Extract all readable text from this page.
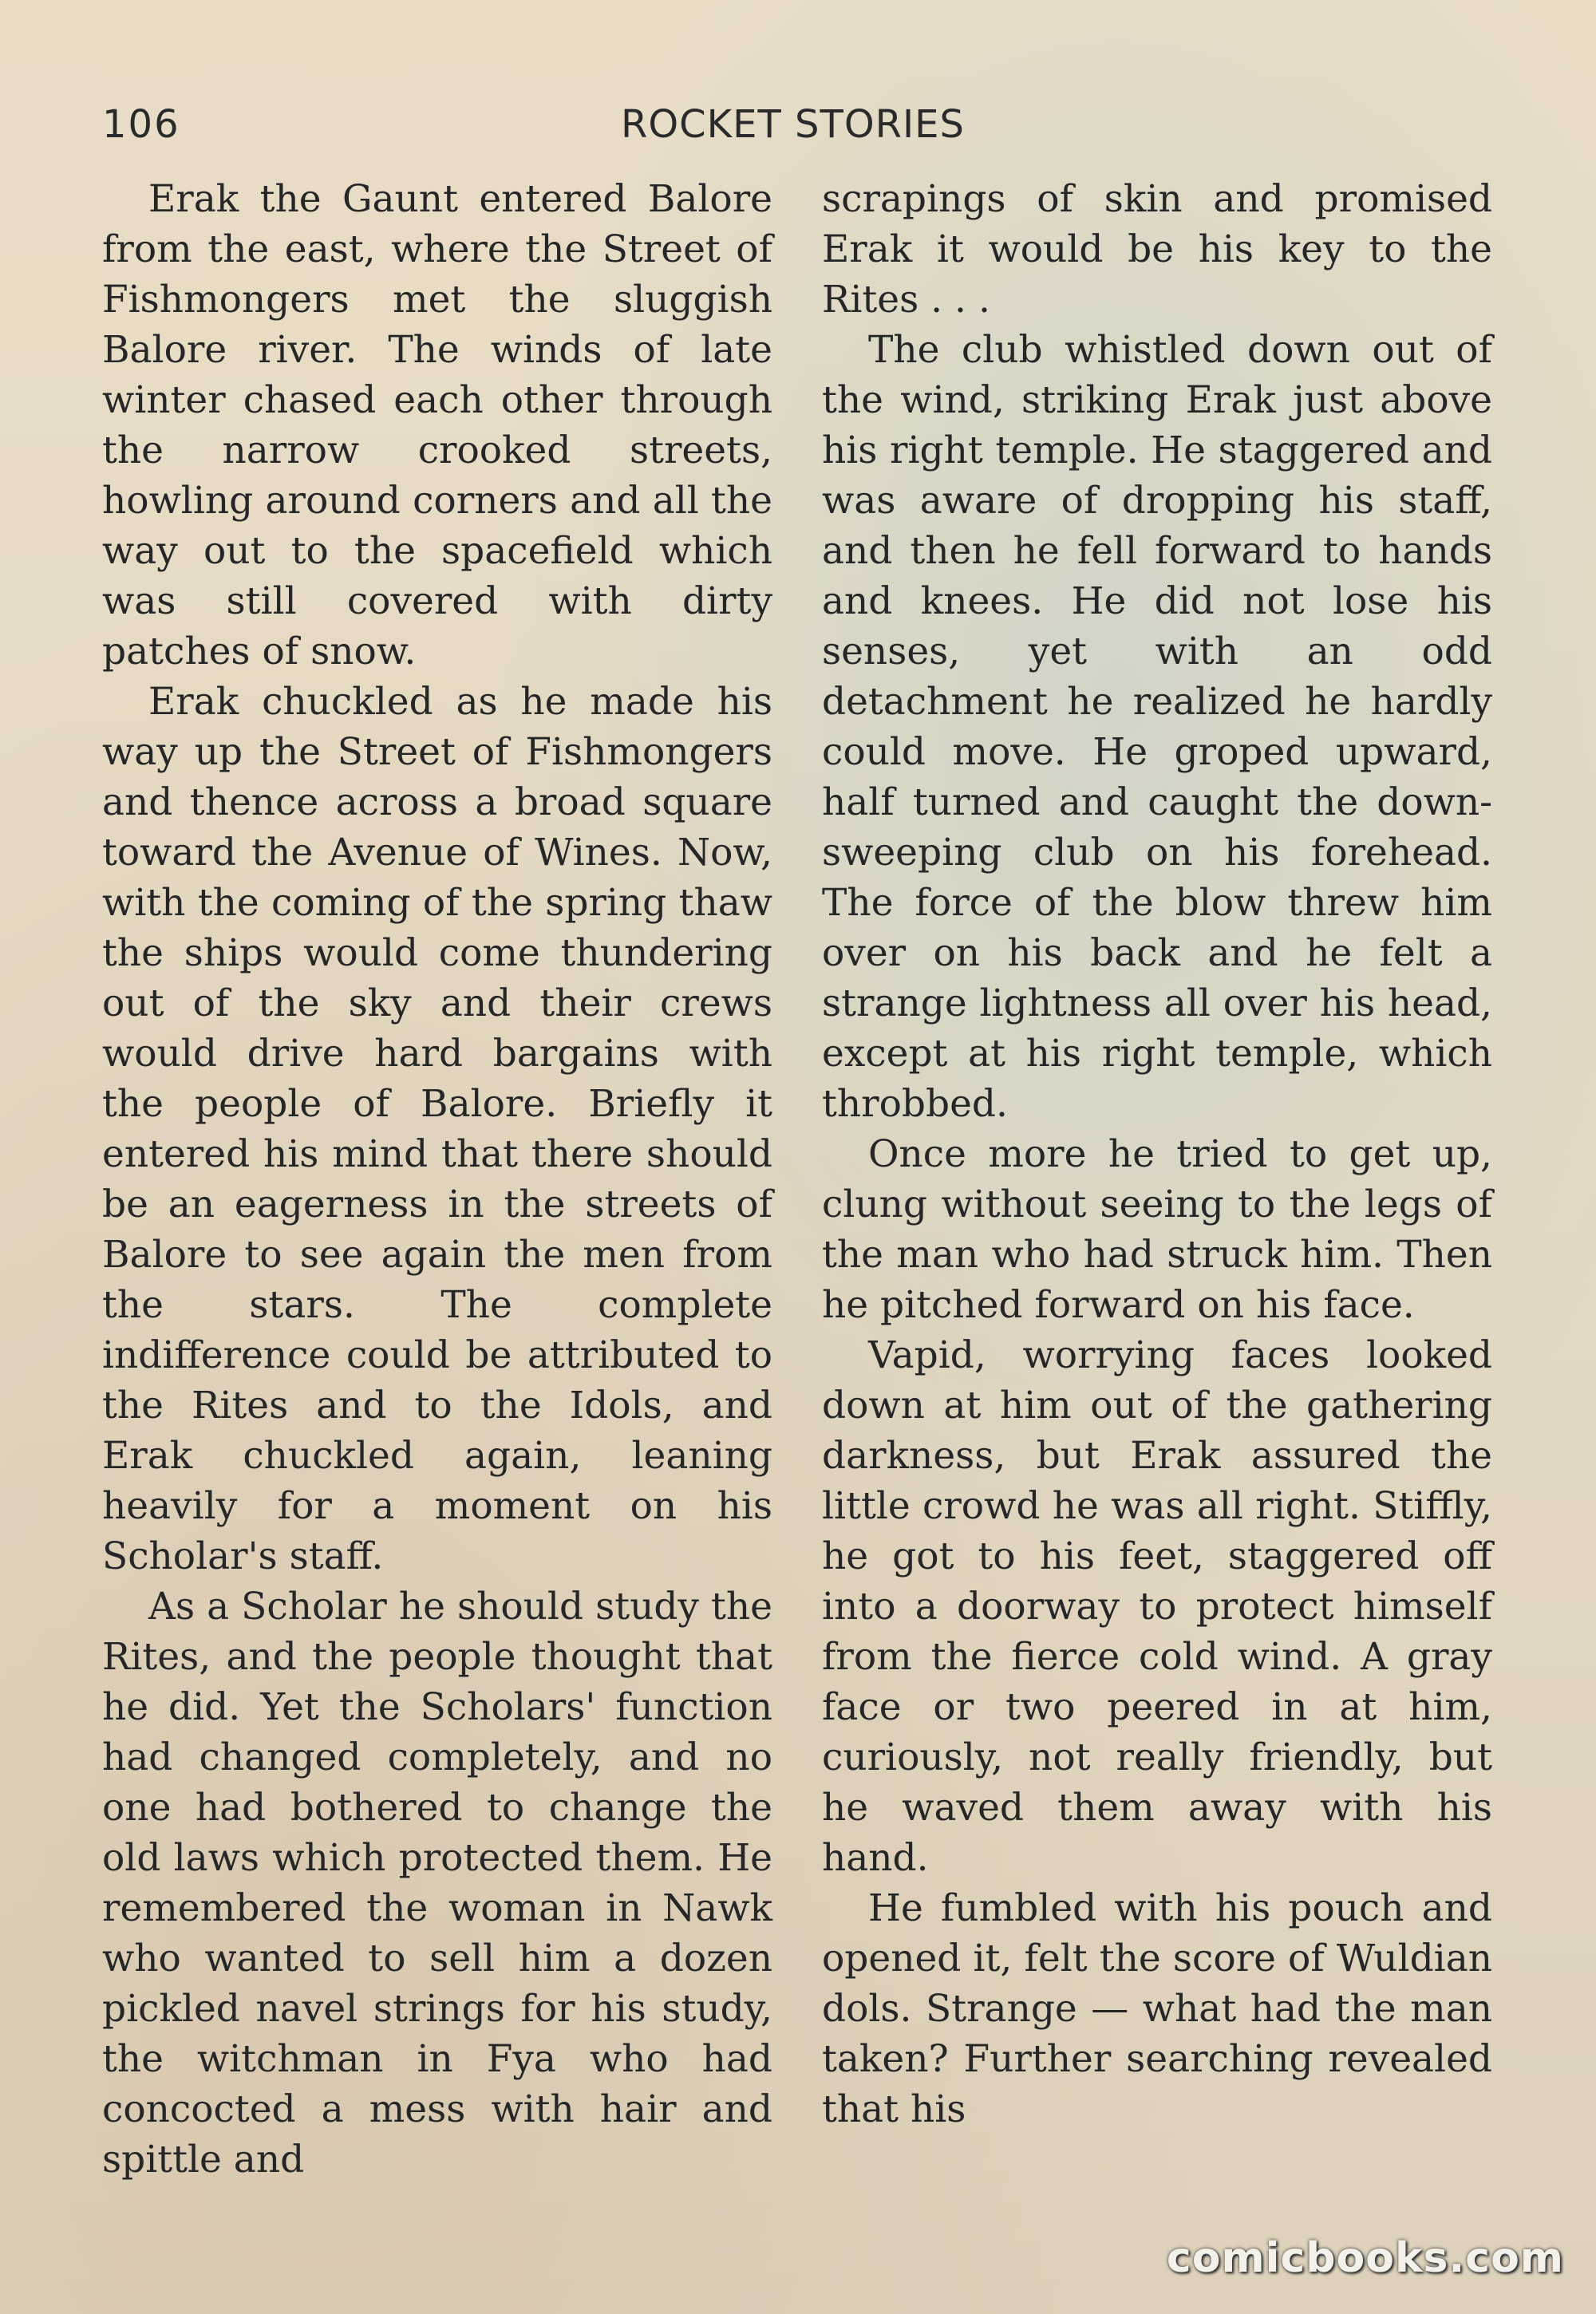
106	ROCKET STORIES

Erak the Gaunt entered Balore from the east, where the Street of Fishmongers met the sluggish Balore river. The winds of late winter chased each other through the narrow crooked streets, howling around corners and all the way out to the spacefield which was still covered with dirty patches of snow.

Erak chuckled as he made his way up the Street of Fishmongers and thence across a broad square toward the Avenue of Wines. Now, with the coming of the spring thaw the ships would come thundering out of the sky and their crews would drive hard bargains with the people of Balore. Briefly it entered his mind that there should be an eagerness in the streets of Balore to see again the men from the stars. The complete indifference could be attributed to the Rites and to the Idols, and Erak chuckled again, leaning heavily for a moment on his Scholar's staff.

As a Scholar he should study the Rites, and the people thought that he did. Yet the Scholars' function had changed completely, and no one had bothered to change the old laws which protected them. He remembered the woman in Nawk who wanted to sell him a dozen pickled navel strings for his study, the witchman in Fya who had concocted a mess with hair and spittle and

scrapings of skin and promised Erak it would be his key to the Rites . . .

The club whistled down out of the wind, striking Erak just above his right temple. He staggered and was aware of dropping his staff, and then he fell forward to hands and knees. He did not lose his senses, yet with an odd detachment he realized he hardly could move. He groped upward, half turned and caught the down-sweeping club on his forehead. The force of the blow threw him over on his back and he felt a strange lightness all over his head, except at his right temple, which throbbed.

Once more he tried to get up, clung without seeing to the legs of the man who had struck him. Then he pitched forward on his face.

Vapid, worrying faces looked down at him out of the gathering darkness, but Erak assured the little crowd he was all right. Stiffly, he got to his feet, staggered off into a doorway to protect himself from the fierce cold wind. A gray face or two peered in at him, curiously, not really friendly, but he waved them away with his hand.

He fumbled with his pouch and opened it, felt the score of Wuldian dols. Strange — what had the man taken? Further searching revealed that his

comicbooks.com
